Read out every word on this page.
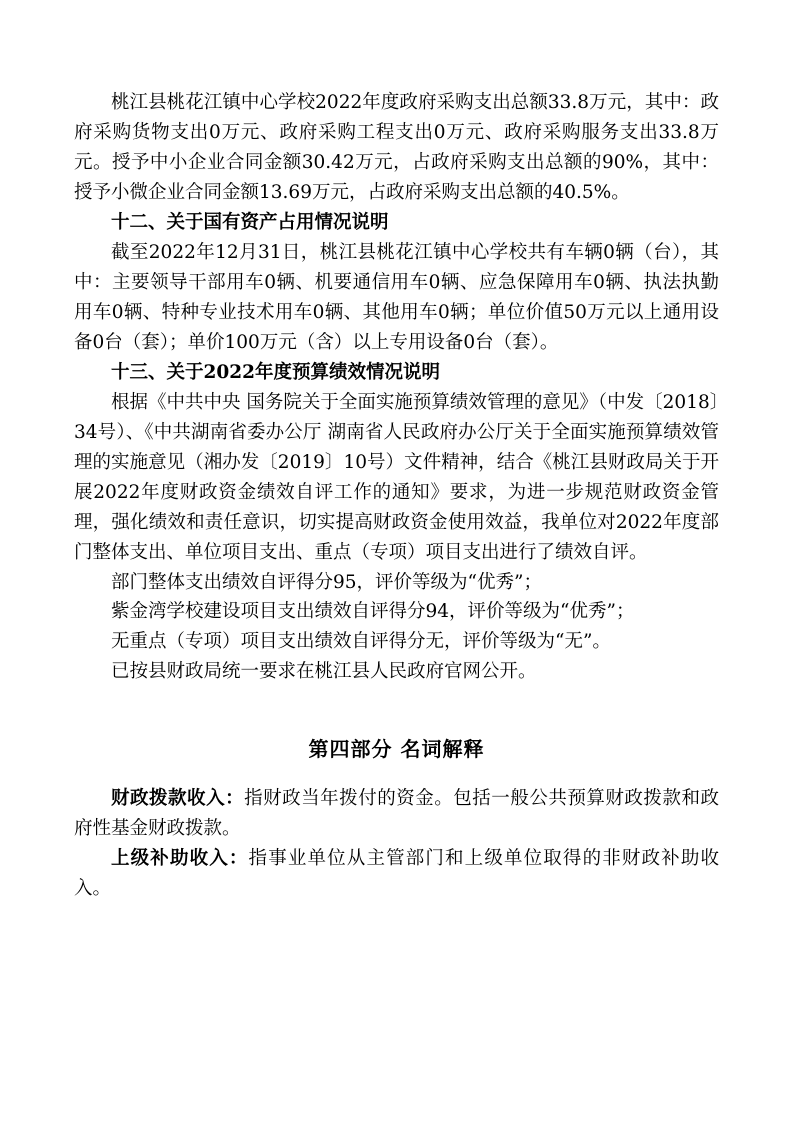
桃江县桃花江镇中心学校2022年度政府采购支出总额33.8万元，其中：政府采购货物支出0万元、政府采购工程支出0万元、政府采购服务支出33.8万元。授予中小企业合同金额30.42万元，占政府采购支出总额的90%，其中：授予小微企业合同金额13.69万元，占政府采购支出总额的40.5%。

十二、关于国有资产占用情况说明

截至2022年12月31日，桃江县桃花江镇中心学校共有车辆0辆（台），其中：主要领导干部用车0辆、机要通信用车0辆、应急保障用车0辆、执法执勤用车0辆、特种专业技术用车0辆、其他用车0辆；单位价值50万元以上通用设备0台（套）；单价100万元（含）以上专用设备0台（套）。

十三、关于2022年度预算绩效情况说明

根据《中共中央 国务院关于全面实施预算绩效管理的意见》（中发〔2018〕34号）、《中共湖南省委办公厅 湖南省人民政府办公厅关于全面实施预算绩效管理的实施意见（湘办发〔2019〕10号）文件精神，结合《桃江县财政局关于开展2022年度财政资金绩效自评工作的通知》要求，为进一步规范财政资金管理，强化绩效和责任意识，切实提高财政资金使用效益，我单位对2022年度部门整体支出、单位项目支出、重点（专项）项目支出进行了绩效自评。

部门整体支出绩效自评得分95，评价等级为“优秀”；

紫金湾学校建设项目支出绩效自评得分94，评价等级为“优秀”；

无重点（专项）项目支出绩效自评得分无，评价等级为“无”。

已按县财政局统一要求在桃江县人民政府官网公开。

第四部分 名词解释

财政拨款收入：指财政当年拨付的资金。包括一般公共预算财政拨款和政府性基金财政拨款。

上级补助收入：指事业单位从主管部门和上级单位取得的非财政补助收入。
